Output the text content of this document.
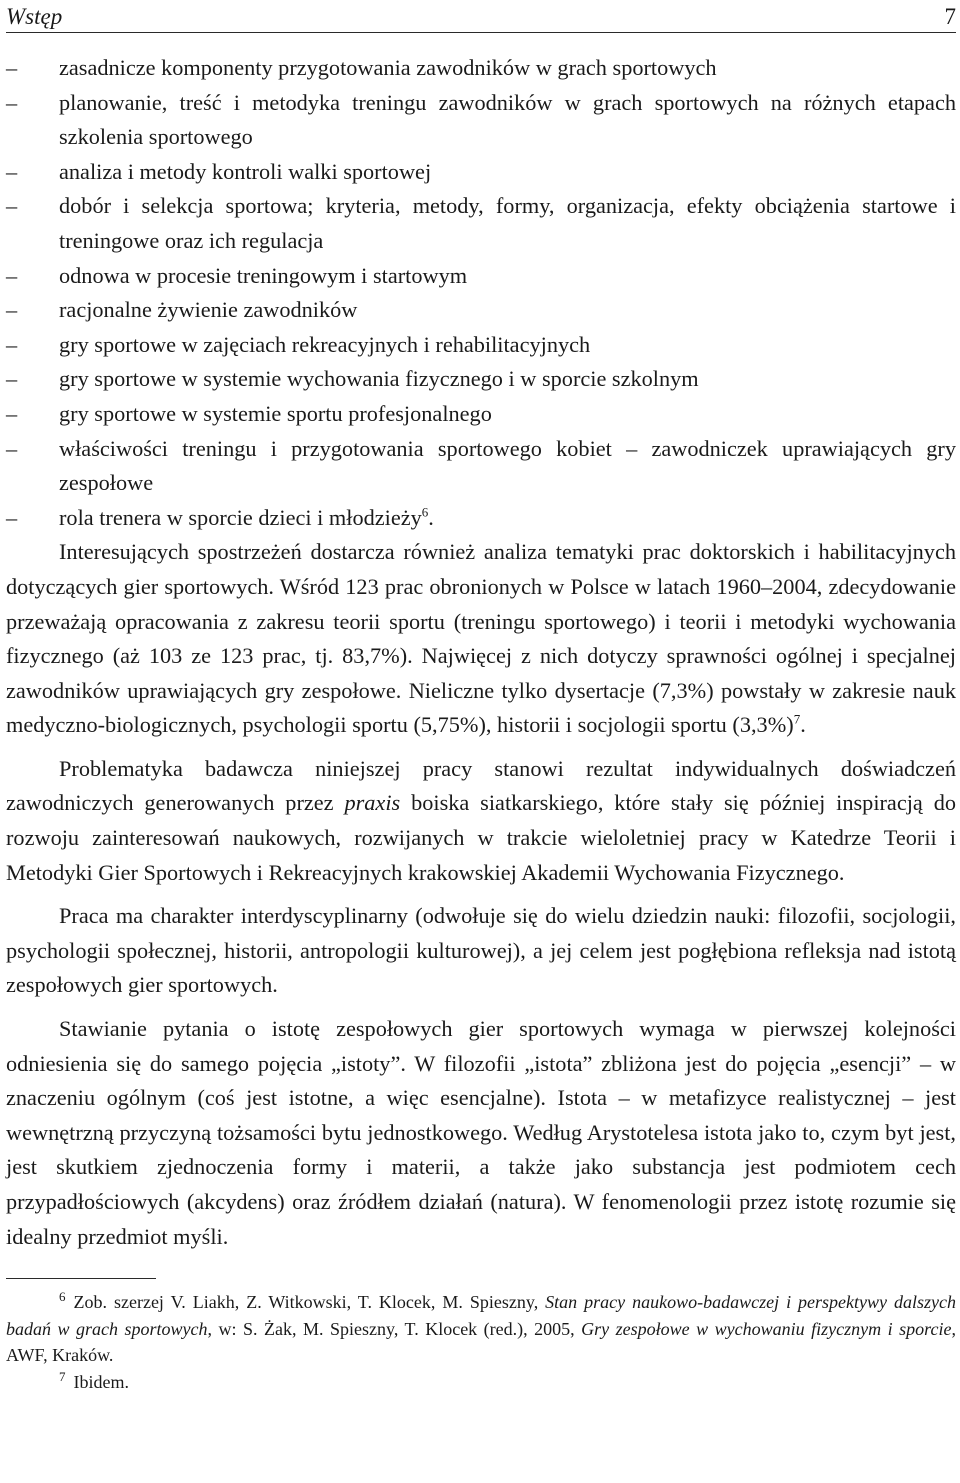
Wstęp	7
– zasadnicze komponenty przygotowania zawodników w grach sportowych
– planowanie, treść i metodyka treningu zawodników w grach sportowych na różnych etapach szkolenia sportowego
– analiza i metody kontroli walki sportowej
– dobór i selekcja sportowa; kryteria, metody, formy, organizacja, efekty obciążenia startowe i treningowe oraz ich regulacja
– odnowa w procesie treningowym i startowym
– racjonalne żywienie zawodników
– gry sportowe w zajęciach rekreacyjnych i rehabilitacyjnych
– gry sportowe w systemie wychowania fizycznego i w sporcie szkolnym
– gry sportowe w systemie sportu profesjonalnego
– właściwości treningu i przygotowania sportowego kobiet – zawodniczek uprawiających gry zespołowe
– rola trenera w sporcie dzieci i młodzieży$^6$.

Interesujących spostrzeżeń dostarcza również analiza tematyki prac doktorskich i habilitacyjnych dotyczących gier sportowych. Wśród 123 prac obronionych w Polsce w latach 1960–2004, zdecydowanie przeważają opracowania z zakresu teorii sportu (treningu sportowego) i teorii i metodyki wychowania fizycznego (aż 103 ze 123 prac, tj. 83,7%). Najwięcej z nich dotyczy sprawności ogólnej i specjalnej zawodników uprawiających gry zespołowe. Nieliczne tylko dysertacje (7,3%) powstały w zakresie nauk medyczno-biologicznych, psychologii sportu (5,75%), historii i socjologii sportu $(3,3\%)^7$.

Problematyka badawcza niniejszej pracy stanowi rezultat indywidualnych doświadczeń zawodniczych generowanych przez praxis boiska siatkarskiego, które stały się później inspiracją do rozwoju zainteresowań naukowych, rozwijanych w trakcie wieloletniej pracy w Katedrze Teorii i Metodyki Gier Sportowych i Rekreacyjnych krakowskiej Akademii Wychowania Fizycznego.

Praca ma charakter interdyscyplinarny (odwołuje się do wielu dziedzin nauki: filozofii, socjologii, psychologii społecznej, historii, antropologii kulturowej), a jej celem jest pogłębiona refleksja nad istotą zespołowych gier sportowych.

Stawianie pytania o istotę zespołowych gier sportowych wymaga w pierwszej kolejności odniesienia się do samego pojęcia „istoty”. W filozofii „istota” zbliżona jest do pojęcia „esencji” – w znaczeniu ogólnym (coś jest istotne, a więc esencjalne). Istota – w metafizyce realistycznej – jest wewnętrzną przyczyną tożsamości bytu jednostkowego. Według Arystotelesa istota jako to, czym byt jest, jest skutkiem zjednoczenia formy i materii, a także jako substancja jest podmiotem cech przypadłościowych (akcydens) oraz źródłem działań (natura). W fenomenologii przez istotę rozumie się idealny przedmiot myśli.

$^6$ Zob. szerzej V. Liakh, Z. Witkowski, T. Klocek, M. Spieszny, Stan pracy naukowo-badawczej i perspektywy dalszych badań w grach sportowych, w: S. Żak, M. Spieszny, T. Klocek (red.), 2005, Gry zespołowe w wychowaniu fizycznym i sporcie, AWF, Kraków.

$^7$ Ibidem.
